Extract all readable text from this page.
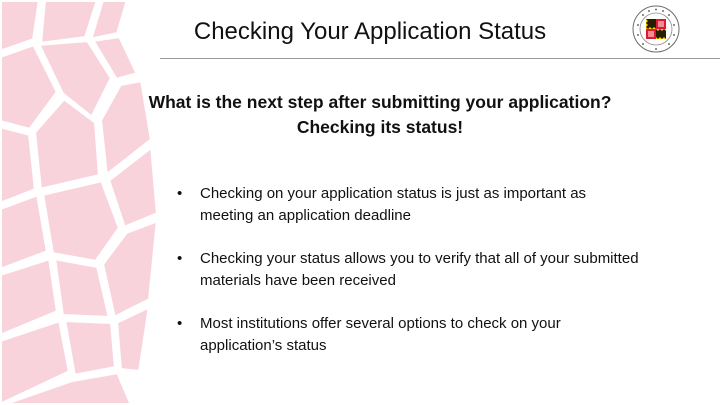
Checking Your Application Status
What is the next step after submitting your application?
Checking its status!
• Checking on your application status is just as important as meeting an application deadline
• Checking your status allows you to verify that all of your submitted materials have been received
• Most institutions offer several options to check on your application’s status
